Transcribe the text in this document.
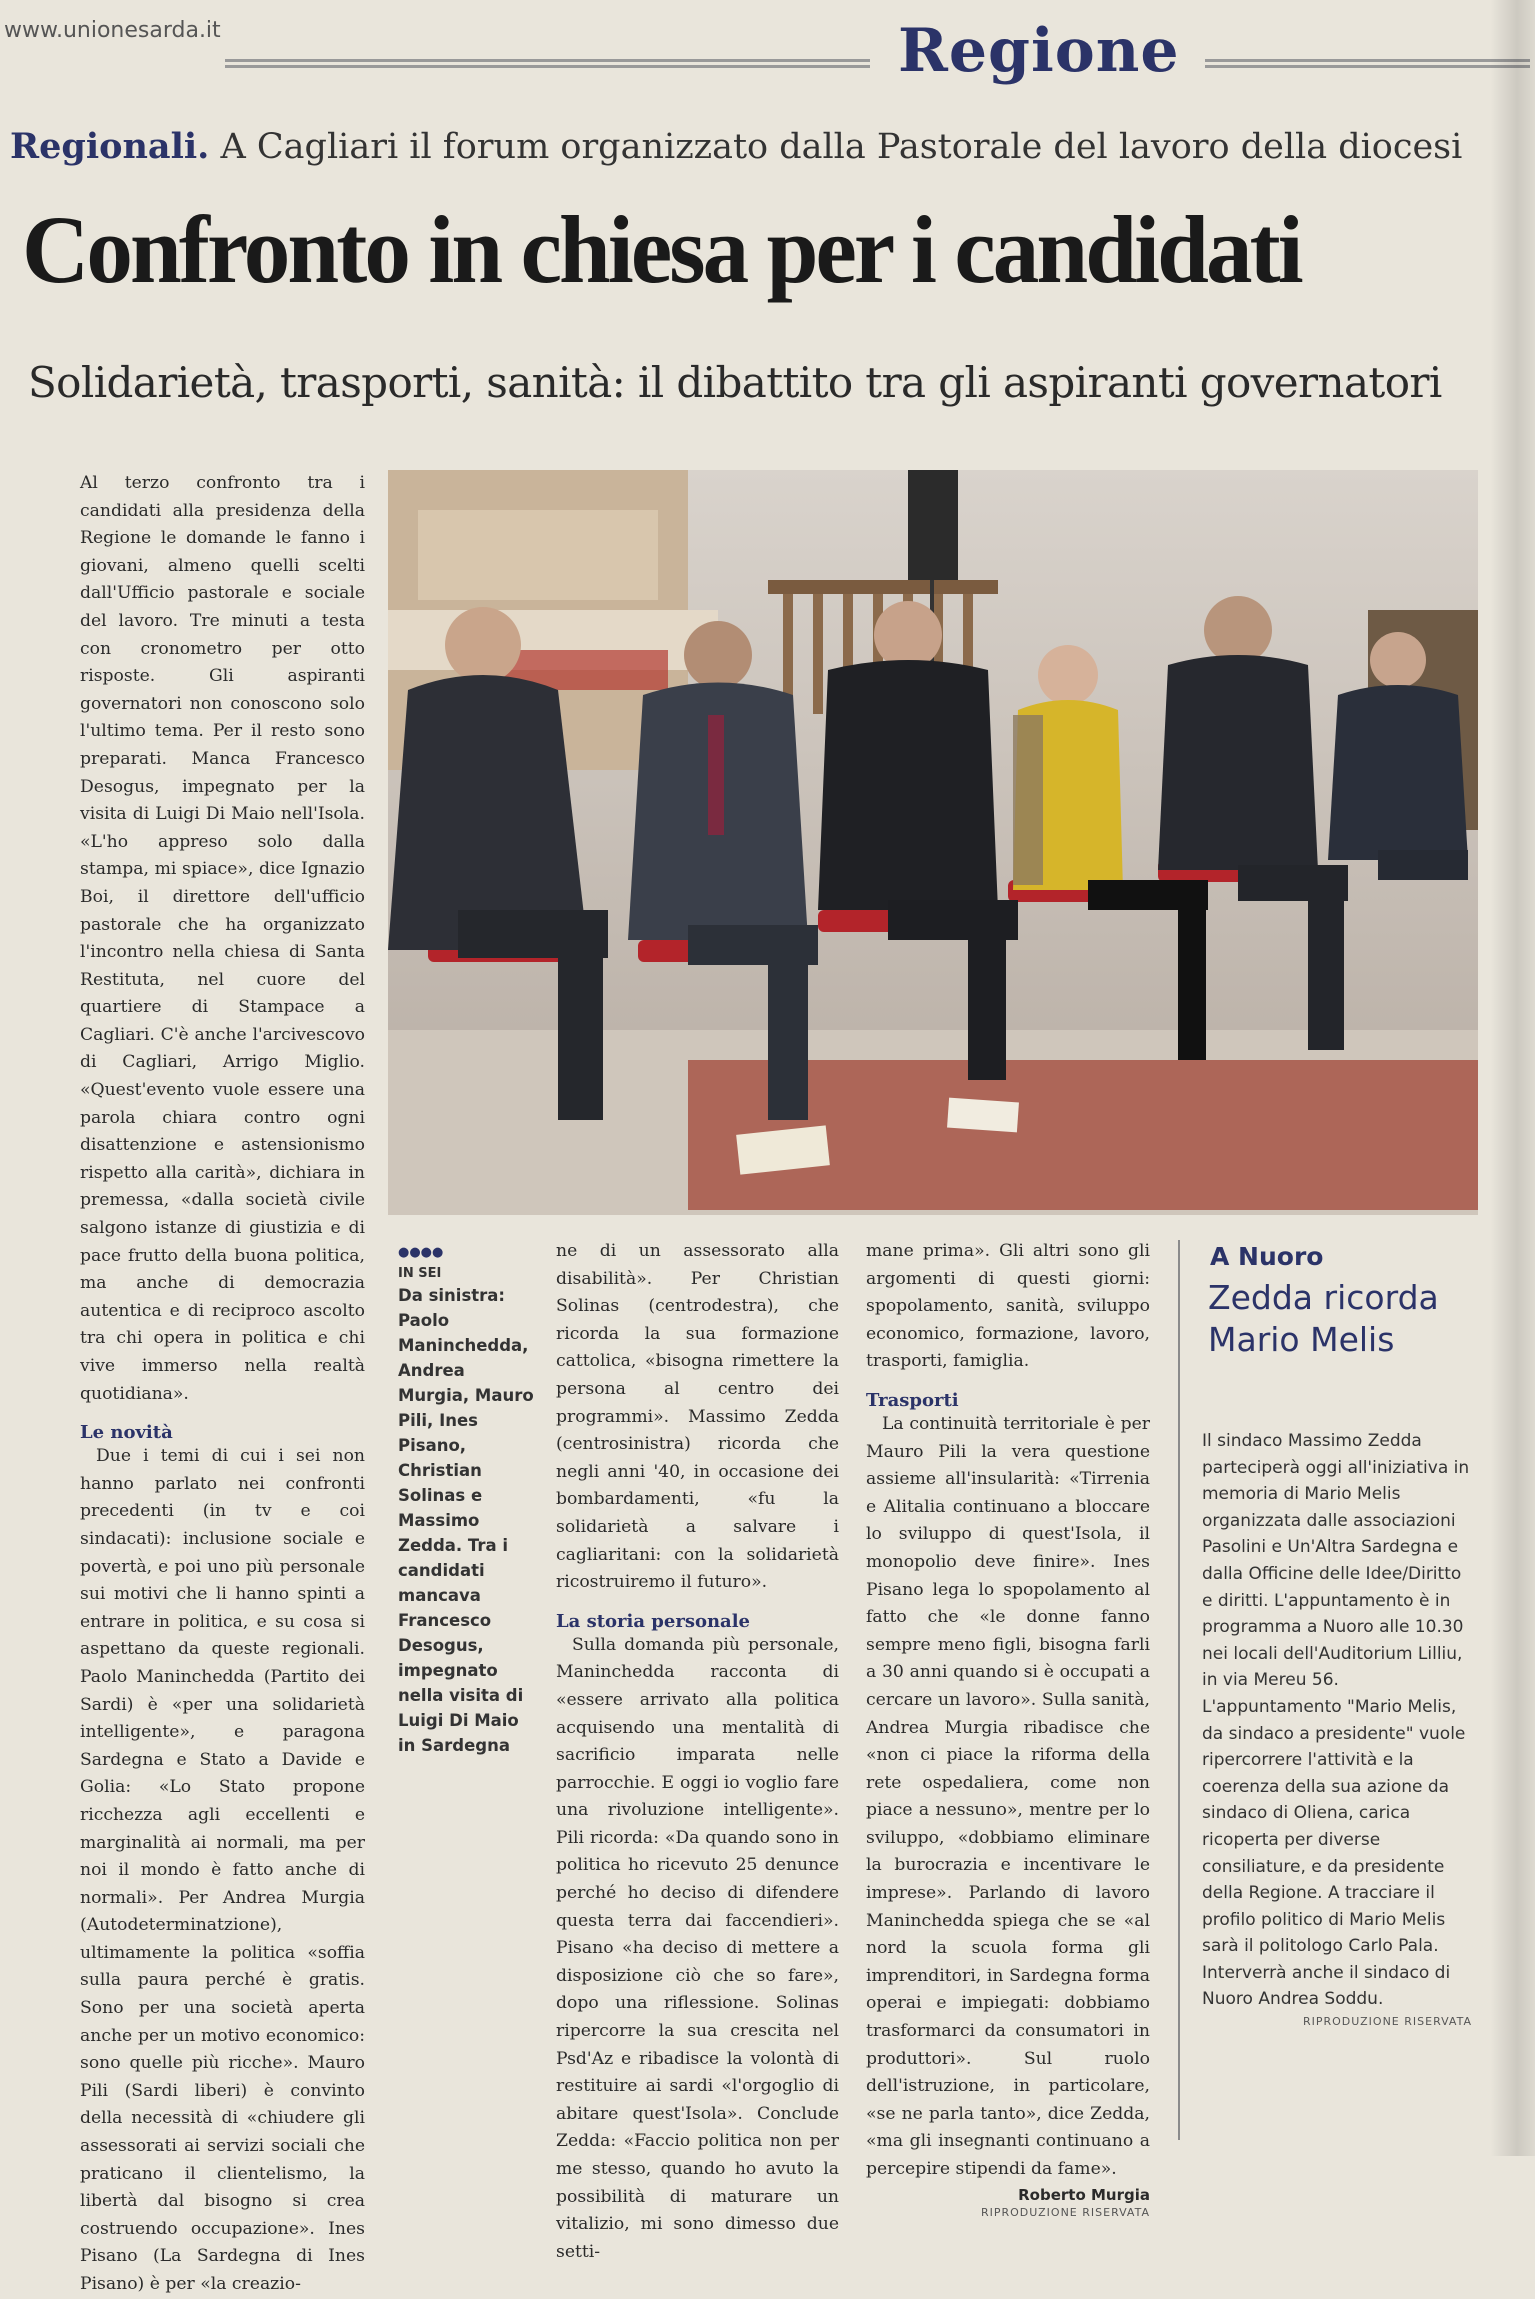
www.unionesarda.it	Regione
Regionali. A Cagliari il forum organizzato dalla Pastorale del lavoro della diocesi
Confronto in chiesa per i candidati
Solidarietà, trasporti, sanità: il dibattito tra gli aspiranti governatori

Al terzo confronto tra i candidati alla presidenza della Regione le domande le fanno i giovani, almeno quelli scelti dall'Ufficio pastorale e sociale del lavoro. Tre minuti a testa con cronometro per otto risposte. Gli aspiranti governatori non conoscono solo l'ultimo tema. Per il resto sono preparati. Manca Francesco Desogus, impegnato per la visita di Luigi Di Maio nell'Isola. «L'ho appreso solo dalla stampa, mi spiace», dice Ignazio Boi, il direttore dell'ufficio pastorale che ha organizzato l'incontro nella chiesa di Santa Restituta, nel cuore del quartiere di Stampace a Cagliari. C'è anche l'arcivescovo di Cagliari, Arrigo Miglio. «Quest'evento vuole essere una parola chiara contro ogni disattenzione e astensionismo rispetto alla carità», dichiara in premessa, «dalla società civile salgono istanze di giustizia e di pace frutto della buona politica, ma anche di democrazia autentica e di reciproco ascolto tra chi opera in politica e chi vive immerso nella realtà quotidiana».

Le novità

Due i temi di cui i sei non hanno parlato nei confronti precedenti (in tv e coi sindacati): inclusione sociale e povertà, e poi uno più personale sui motivi che li hanno spinti a entrare in politica, e su cosa si aspettano da queste regionali. Paolo Maninchedda (Partito dei Sardi) è «per una solidarietà intelligente», e paragona Sardegna e Stato a Davide e Golia: «Lo Stato propone ricchezza agli eccellenti e marginalità ai normali, ma per noi il mondo è fatto anche di normali». Per Andrea Murgia (Autodeterminatzione), ultimamente la politica «soffia sulla paura perché è gratis. Sono per una società aperta anche per un motivo economico: sono quelle più ricche». Mauro Pili (Sardi liberi) è convinto della necessità di «chiudere gli assessorati ai servizi sociali che praticano il clientelismo, la libertà dal bisogno si crea costruendo occupazione». Ines Pisano (La Sardegna di Ines Pisano) è per «la creazio-

●●●●
IN SEI
Da sinistra: Paolo Maninchedda, Andrea Murgia, Mauro Pili, Ines Pisano, Christian Solinas e Massimo Zedda. Tra i candidati mancava Francesco Desogus, impegnato nella visita di Luigi Di Maio in Sardegna

ne di un assessorato alla disabilità». Per Christian Solinas (centrodestra), che ricorda la sua formazione cattolica, «bisogna rimettere la persona al centro dei programmi». Massimo Zedda (centrosinistra) ricorda che negli anni '40, in occasione dei bombardamenti, «fu la solidarietà a salvare i cagliaritani: con la solidarietà ricostruiremo il futuro».

La storia personale

Sulla domanda più personale, Maninchedda racconta di «essere arrivato alla politica acquisendo una mentalità di sacrificio imparata nelle parrocchie. E oggi io voglio fare una rivoluzione intelligente». Pili ricorda: «Da quando sono in politica ho ricevuto 25 denunce perché ho deciso di difendere questa terra dai faccendieri». Pisano «ha deciso di mettere a disposizione ciò che so fare», dopo una riflessione. Solinas ripercorre la sua crescita nel Psd'Az e ribadisce la volontà di restituire ai sardi «l'orgoglio di abitare quest'Isola». Conclude Zedda: «Faccio politica non per me stesso, quando ho avuto la possibilità di maturare un vitalizio, mi sono dimesso due setti-

mane prima». Gli altri sono gli argomenti di questi giorni: spopolamento, sanità, sviluppo economico, formazione, lavoro, trasporti, famiglia.

Trasporti

La continuità territoriale è per Mauro Pili la vera questione assieme all'insularità: «Tirrenia e Alitalia continuano a bloccare lo sviluppo di quest'Isola, il monopolio deve finire». Ines Pisano lega lo spopolamento al fatto che «le donne fanno sempre meno figli, bisogna farli a 30 anni quando si è occupati a cercare un lavoro». Sulla sanità, Andrea Murgia ribadisce che «non ci piace la riforma della rete ospedaliera, come non piace a nessuno», mentre per lo sviluppo, «dobbiamo eliminare la burocrazia e incentivare le imprese». Parlando di lavoro Maninchedda spiega che se «al nord la scuola forma gli imprenditori, in Sardegna forma operai e impiegati: dobbiamo trasformarci da consumatori in produttori». Sul ruolo dell'istruzione, in particolare, «se ne parla tanto», dice Zedda, «ma gli insegnanti continuano a percepire stipendi da fame».

Roberto Murgia

RIPRODUZIONE RISERVATA

A Nuoro
Zedda ricorda Mario Melis
Il sindaco Massimo Zedda parteciperà oggi all'iniziativa in memoria di Mario Melis organizzata dalle associazioni Pasolini e Un'Altra Sardegna e dalla Officine delle Idee/Diritto e diritti. L'appuntamento è in programma a Nuoro alle 10.30 nei locali dell'Auditorium Lilliu, in via Mereu 56. L'appuntamento "Mario Melis, da sindaco a presidente" vuole ripercorrere l'attività e la coerenza della sua azione da sindaco di Oliena, carica ricoperta per diverse consiliature, e da presidente della Regione. A tracciare il profilo politico di Mario Melis sarà il politologo Carlo Pala. Interverrà anche il sindaco di Nuoro Andrea Soddu.
RIPRODUZIONE RISERVATA
